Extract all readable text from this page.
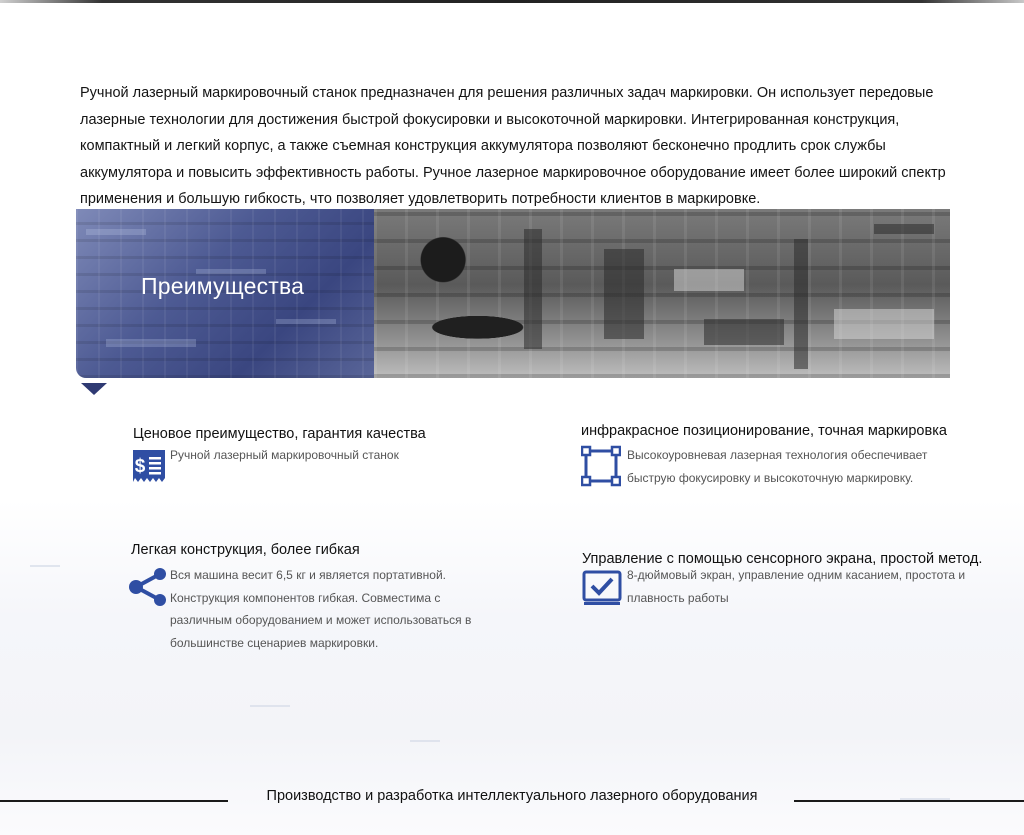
Ручной лазерный маркировочный станок предназначен для решения различных задач маркировки. Он использует передовые лазерные технологии для достижения быстрой фокусировки и высокоточной маркировки. Интегрированная конструкция, компактный и легкий корпус, а также съемная конструкция аккумулятора позволяют бесконечно продлить срок службы аккумулятора и повысить эффективность работы. Ручное лазерное маркировочное оборудование имеет более широкий спектр применения и большую гибкость, что позволяет удовлетворить потребности клиентов в маркировке.

Преимущества
Ценовое преимущество, гарантия качества
$

Ручной лазерный маркировочный станок

инфракрасное позиционирование, точная маркировка

Высокоуровневая лазерная технология обеспечивает быструю фокусировку и высокоточную маркировку.

Легкая конструкция, более гибкая

Вся машина весит 6,5 кг и является портативной. Конструкция компонентов гибкая. Совместима с различным оборудованием и может использоваться в большинстве сценариев маркировки.

Управление с помощью сенсорного экрана, простой метод.

8-дюймовый экран, управление одним касанием, простота и плавность работы

Производство и разработка интеллектуального лазерного оборудования
